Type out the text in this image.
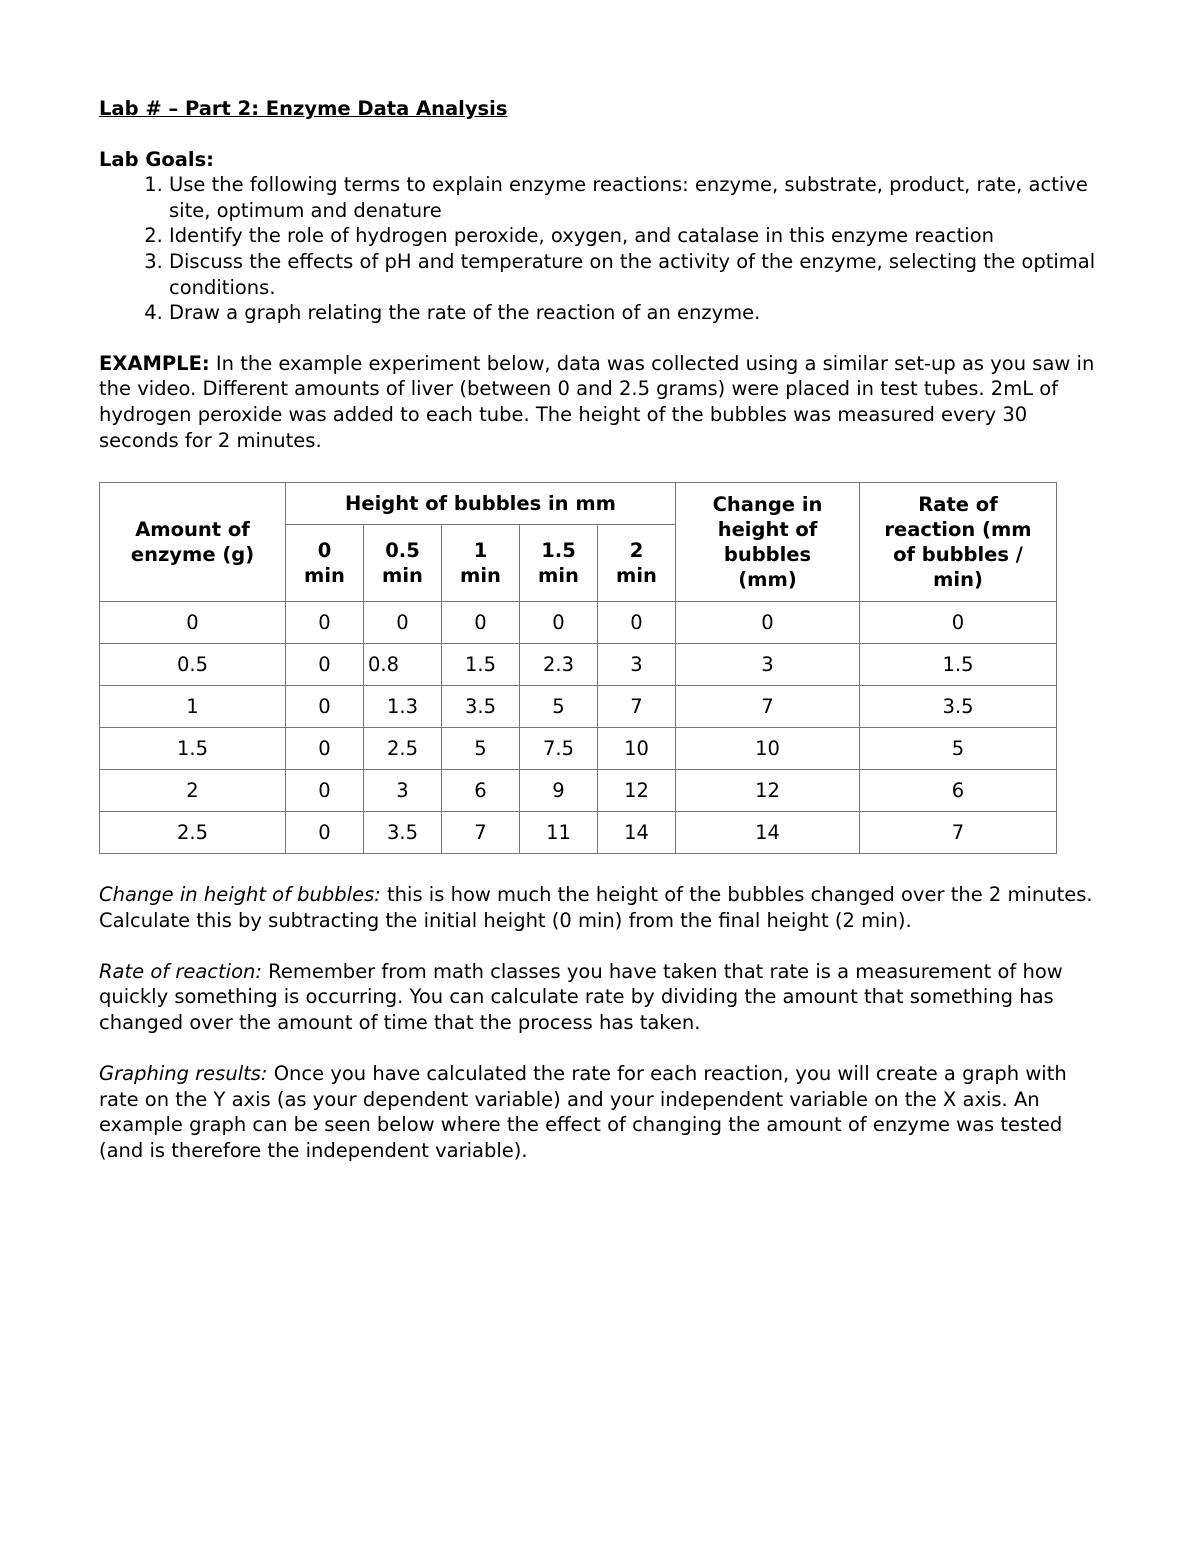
Lab # – Part 2: Enzyme Data Analysis

Lab Goals:
1. Use the following terms to explain enzyme reactions: enzyme, substrate, product, rate, active site, optimum and denature
2. Identify the role of hydrogen peroxide, oxygen, and catalase in this enzyme reaction
3. Discuss the effects of pH and temperature on the activity of the enzyme, selecting the optimal conditions.
4. Draw a graph relating the rate of the reaction of an enzyme.
EXAMPLE: In the example experiment below, data was collected using a similar set-up as you saw in the video. Different amounts of liver (between 0 and 2.5 grams) were placed in test tubes. 2mL of hydrogen peroxide was added to each tube. The height of the bubbles was measured every 30 seconds for 2 minutes.
Amount of enzyme (g)	Height of bubbles in mm					Change in height of bubbles (mm)	Rate of reaction (mm of bubbles / min)
	0 min	0.5 min	1 min	1.5 min	2 min		
0	0	0	0	0	0	0	0
0.5	0	0.8	1.5	2.3	3	3	1.5
1	0	1.3	3.5	5	7	7	3.5
1.5	0	2.5	5	7.5	10	10	5
2	0	3	6	9	12	12	6
2.5	0	3.5	7	11	14	14	7

Change in height of bubbles: this is how much the height of the bubbles changed over the 2 minutes. Calculate this by subtracting the initial height (0 min) from the final height (2 min).

Rate of reaction: Remember from math classes you have taken that rate is a measurement of how quickly something is occurring. You can calculate rate by dividing the amount that something has changed over the amount of time that the process has taken.

Graphing results: Once you have calculated the rate for each reaction, you will create a graph with rate on the Y axis (as your dependent variable) and your independent variable on the X axis. An example graph can be seen below where the effect of changing the amount of enzyme was tested (and is therefore the independent variable).
